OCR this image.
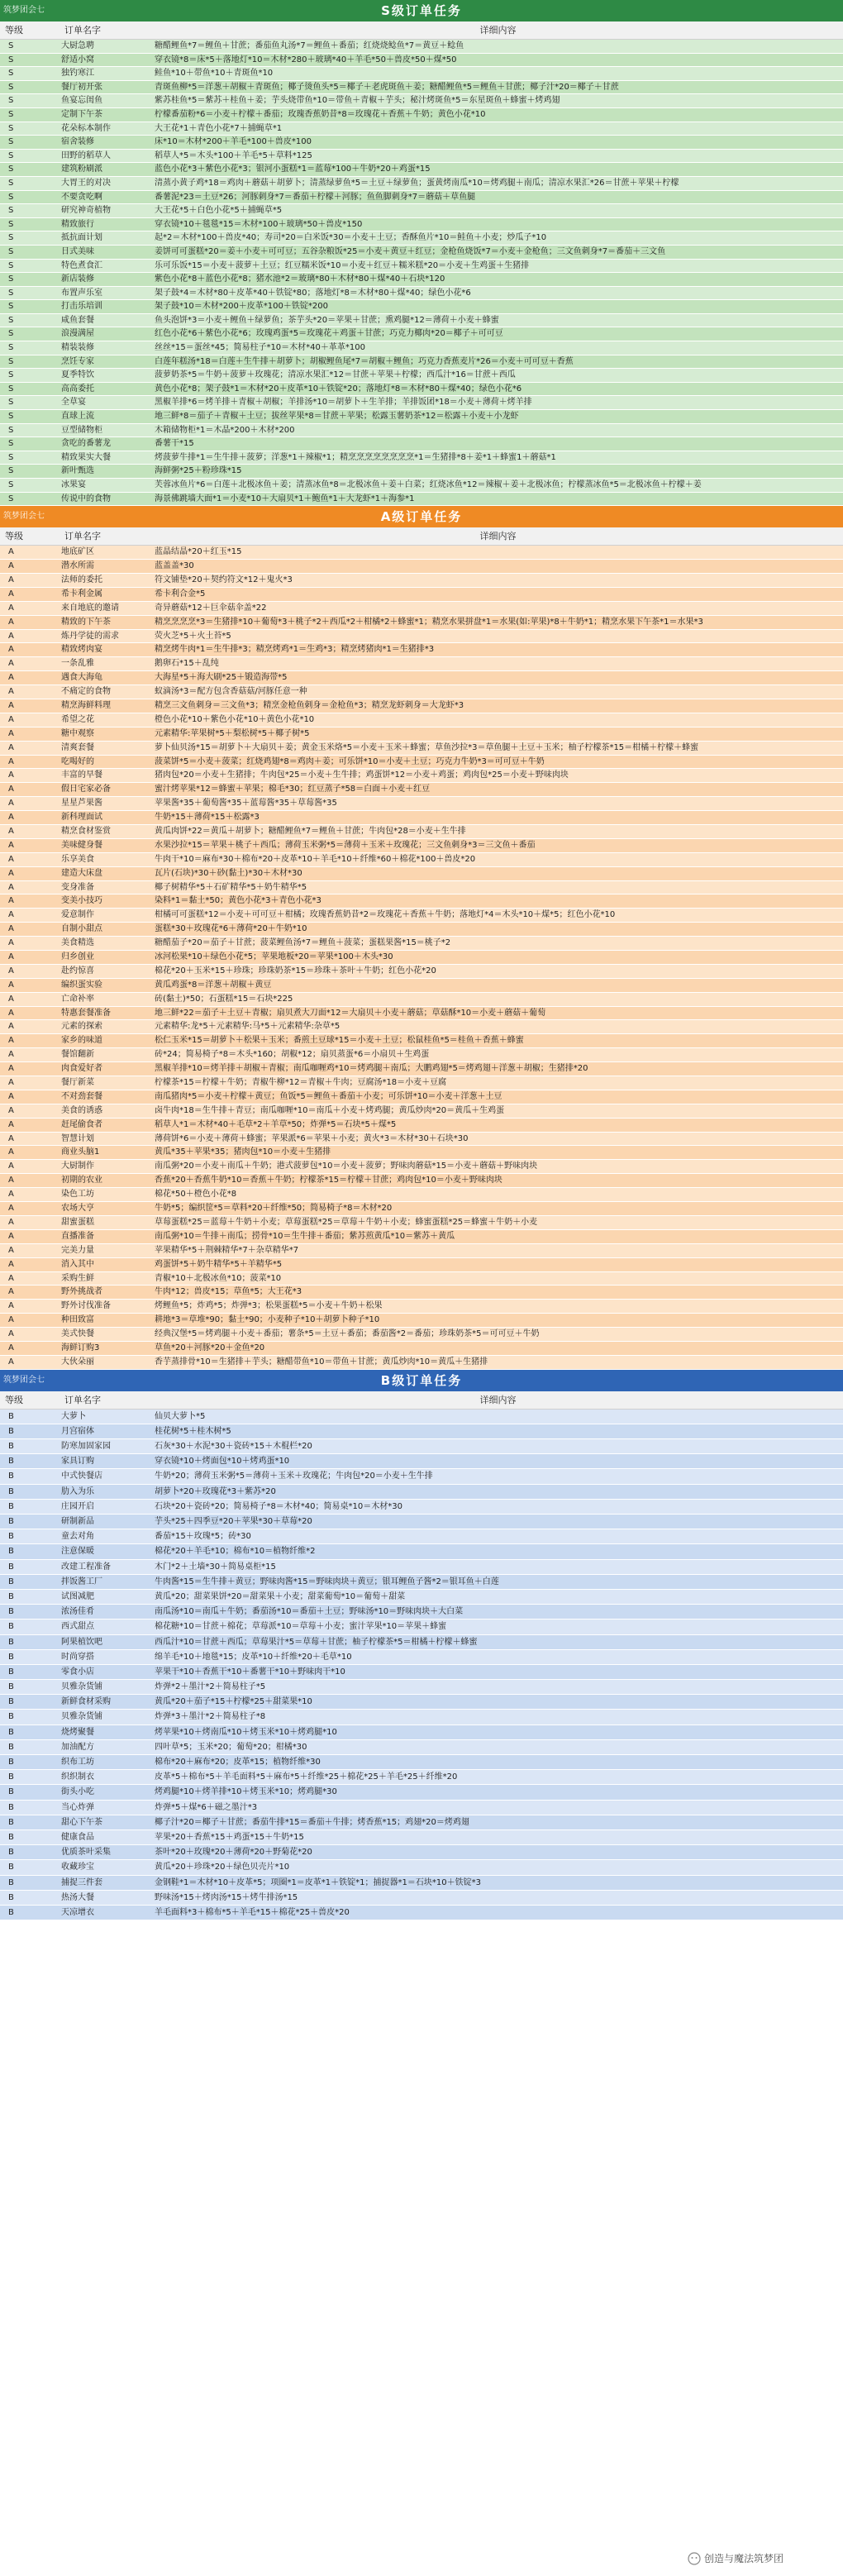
筑梦团会七	S级订单任务
等级	订单名字	详细内容
S	大厨急聘	糖醋鲤鱼*7＝鲤鱼＋甘蔗；番茄鱼丸汤*7＝鲤鱼＋番茄；红烧烧鲶鱼*7＝黄豆＋鲶鱼
S	舒适小窝	穿衣镜*8＝床*5＋落地灯*10＝木材*280＋玻璃*40＋羊毛*50＋兽皮*50＋煤*50
S	独钓寒江	鲑鱼*10＋带鱼*10＋青斑鱼*10
S	餐厅初开张	青斑鱼柳*5＝洋葱＋胡椒＋青斑鱼；椰子烫鱼头*5＝椰子＋老虎斑鱼＋姜；糖醋鲤鱼*5＝鲤鱼＋甘蔗；椰子汁*20＝椰子＋甘蔗
S	鱼宴忘闺鱼	紫苏桂鱼*5＝紫苏＋桂鱼＋姜；芋头烧带鱼*10＝带鱼＋青椒＋芋头；秘汁烤斑鱼*5＝东星斑鱼＋蜂蜜＋烤鸡翅
S	定制下午茶	柠檬番茄粉*6＝小麦＋柠檬＋番茄；玫瑰香蕉奶昔*8＝玫瑰花＋香蕉＋牛奶；黄色小花*10
S	花朵标本制作	大王花*1＋青色小花*7＋捕蝇草*1
S	宿舍装修	床*10＝木材*200＋羊毛*100＋兽皮*100
S	田野的稻草人	稻草人*5＝木头*100＋羊毛*5＋草料*125
S	建筑粉刷派	蓝色小花*3＋紫色小花*3；银河小蛋糕*1＝蓝莓*100＋牛奶*20＋鸡蛋*15
S	大胃王的对决	清蒸小黄子鸡*18＝鸡肉＋蘑菇＋胡萝卜；清蒸绿萝鱼*5＝土豆＋绿萝鱼；蛋黄烤南瓜*10＝烤鸡腿＋南瓜；清凉水果汇*26＝甘蔗＋苹果＋柠檬
S	不要贪吃啊	番薯泥*23＝土豆*26；河豚刺身*7＝番茄＋柠檬＋河豚；鱼鱼脚刺身*7＝蘑菇＋草鱼腿
S	研究神奇植物	大王花*5＋白色小花*5＋捕蝇草*5
S	精致旅行	穿衣镜*10＋毯毯*15＝木材*100＋玻璃*50＋兽皮*150
S	抵抗面计划	起*2＝木材*100＋兽皮*40；寿司*20＝白米饭*30＝小麦＋土豆；香酥鱼片*10＝鲑鱼＋小麦；炒瓜子*10
S	日式美味	姜饼可可蛋糕*20＝姜＋小麦＋可可豆；五谷杂粮饭*25＝小麦＋黄豆＋红豆；金枪鱼烧饭*7＝小麦＋金枪鱼；三文鱼刺身*7＝番茄＋三文鱼
S	特色煮食汇	乐可乐饭*15＝小麦＋菠萝＋土豆；红豆糯米饭*10＝小麦＋红豆＋糯米糕*20＝小麦＋生鸡蛋＋生猪排
S	新店装修	紫色小花*8＋蓝色小花*8；猪水池*2＝玻璃*80＋木材*80＋煤*40＋石块*120
S	布置声乐室	架子鼓*4＝木材*80＋皮革*40＋铁锭*80；落地灯*8＝木材*80＋煤*40；绿色小花*6
S	打击乐培训	架子鼓*10＝木材*200＋皮革*100＋铁锭*200
S	咸鱼套餐	鱼头泡饼*3＝小麦＋鲤鱼＋绿萝鱼；茶芋头*20＝苹果＋甘蔗；熏鸡腿*12＝薄荷＋小麦＋蜂蜜
S	浪漫满屋	红色小花*6＋紫色小花*6；玫瑰鸡蛋*5＝玫瑰花＋鸡蛋＋甘蔗；巧克力椰肉*20＝椰子＋可可豆
S	精装装修	丝丝*15＝蛋丝*45；简易柱子*10＝木材*40＋革革*100
S	烹饪专家	白莲年糕汤*18＝白莲＋生牛排＋胡萝卜；胡椒鲤鱼尾*7＝胡椒＋鲤鱼；巧克力香蕉麦片*26＝小麦＋可可豆＋香蕉
S	夏季特饮	菠萝奶茶*5＝牛奶＋菠萝＋玫瑰花；清凉水果汇*12＝甘蔗＋苹果＋柠檬；西瓜汁*16＝甘蔗＋西瓜
S	高高委托	黄色小花*8；架子鼓*1＝木材*20＋皮革*10＋铁锭*20；落地灯*8＝木材*80＋煤*40；绿色小花*6
S	全草宴	黑椒羊排*6＝烤羊排＋青椒＋胡椒；羊排汤*10＝胡萝卜＋生羊排；羊排饭团*18＝小麦＋薄荷＋烤羊排
S	直球上流	地三鲜*8＝茄子＋青椒＋土豆；拔丝苹果*8＝甘蔗＋苹果；松露玉薯奶茶*12＝松露＋小麦＋小龙虾
S	豆型储物柜	木箱储物柜*1＝木晶*200＋木材*200
S	贪吃的番薯龙	番薯干*15
S	精致果实大餐	烤菠萝牛排*1＝生牛排＋菠萝；洋葱*1＋辣椒*1；精烹烹烹烹烹烹烹烹*1＝生猪排*8＋姜*1＋蜂蜜1＋蘑菇*1
S	新叶甄选	海鲜粥*25＋粉珍珠*15
S	冰果宴	芙蓉冰鱼片*6＝白莲＋北极冰鱼＋姜；清蒸冰鱼*8＝北极冰鱼＋姜＋白菜；红烧冰鱼*12＝辣椒＋姜＋北极冰鱼；柠檬蒸冰鱼*5＝北极冰鱼＋柠檬＋姜
S	传说中的食物	海景佛跳墙大面*1＝小麦*10＋大扇贝*1＋鲍鱼*1＋大龙虾*1＋海参*1
筑梦团会七	A级订单任务
等级	订单名字	详细内容
A	地底矿区	蓝晶结晶*20＋红玉*15
A	潜水所需	蓝盖盖*30
A	法师的委托	符文铺垫*20＋契约符文*12＋鬼火*3
A	希卡利金属	希卡利合金*5
A	来自地底的邀请	奇异蘑菇*12＋巨伞菇伞盖*22
A	精致的下午茶	精烹烹烹烹*3＝生猪排*10＋葡萄*3＋桃子*2＋西瓜*2＋柑橘*2＋蜂蜜*1；精烹水果拼盘*1＝水果(如:苹果)*8＋牛奶*1；精烹水果下午茶*1＝水果*3
A	炼丹学徒的需求	荧火芝*5＋火土苔*5
A	精致烤肉宴	精烹烤牛肉*1＝生牛排*3；精烹烤鸡*1＝生鸡*3；精烹烤猪肉*1＝生猪排*3
A	一条乱雅	鹅卵石*15＋乱纯
A	遇食大海龟	大海星*5＋海大刷*25＋锻造海带*5
A	不痛定的食物	蚁滴汤*3＝配方包含香菇菇/河豚任意一种
A	精烹海鲜料理	精烹三文鱼刺身＝三文鱼*3；精烹金枪鱼刺身＝金枪鱼*3；精烹龙虾刺身＝大龙虾*3
A	希望之花	橙色小花*10＋紫色小花*10＋黄色小花*10
A	糖中观察	元素精华:苹果树*5＋梨松树*5＋椰子树*5
A	清爽套餐	萝卜仙贝汤*15＝胡萝卜＋大扇贝＋姜；黄金玉米烙*5＝小麦＋玉米＋蜂蜜；草鱼沙拉*3＝草鱼腿＋土豆＋玉米；柚子柠檬茶*15＝柑橘＋柠檬＋蜂蜜
A	吃喝好的	菠菜饼*5＝小麦＋菠菜；红烧鸡翅*8＝鸡肉＋姜；可乐饼*10＝小麦＋土豆；巧克力牛奶*3＝可可豆＋牛奶
A	丰富的早餐	猪肉包*20＝小麦＋生猪排；牛肉包*25＝小麦＋生牛排；鸡蛋饼*12＝小麦＋鸡蛋；鸡肉包*25＝小麦＋野味肉块
A	假日宅家必备	蜜汁烤苹果*12＝蜂蜜＋苹果；棉毛*30；红豆蒸子*58＝白面＋小麦＋红豆
A	星星芦果酱	苹果酱*35＋葡萄酱*35＋蓝莓酱*35＋草莓酱*35
A	新科理面试	牛奶*15＋薄荷*15＋松露*3
A	精烹食材鉴赏	黄瓜肉饼*22＝黄瓜＋胡萝卜；糖醋鲤鱼*7＝鲤鱼＋甘蔗；牛肉包*28＝小麦＋生牛排
A	美味健身餐	水果沙拉*15＝苹果＋桃子＋西瓜；薄荷玉米粥*5＝薄荷＋玉米＋玫瑰花；三文鱼刺身*3＝三文鱼＋番茄
A	乐享美食	牛肉干*10＝麻布*30＋棉布*20＋皮革*10＋羊毛*10＋纤维*60＋棉花*100＋兽皮*20
A	建造大床盘	瓦片(石块)*30＋砂(黏土)*30＋木材*30
A	变身准备	椰子树精华*5＋石矿精华*5＋奶牛精华*5
A	变美小技巧	染料*1＝黏土*50；黄色小花*3＋青色小花*3
A	爱意制作	柑橘可可蛋糕*12＝小麦＋可可豆＋柑橘；玫瑰香蕉奶昔*2＝玫瑰花＋香蕉＋牛奶；落地灯*4＝木头*10＋煤*5；红色小花*10
A	自制小甜点	蛋糕*30＋玫瑰花*6＋薄荷*20＋牛奶*10
A	美食精选	糖醋茄子*20＝茄子＋甘蔗；菠菜鲤鱼汤*7＝鲤鱼＋菠菜；蛋糕果酱*15＝桃子*2
A	归乡创业	冰河松果*10＋绿色小花*5；苹果地板*20＝苹果*100＋木头*30
A	赴约惊喜	棉花*20＋玉米*15＋珍珠；珍珠奶茶*15＝珍珠＋茶叶＋牛奶；红色小花*20
A	编织蛋实验	黄瓜鸡蛋*8＝洋葱＋胡椒＋黄豆
A	亡命补率	砖(黏土)*50；石蛋糕*15＝石块*225
A	特惠套餐准备	地三鲜*22＝茄子＋土豆＋青椒；扇贝煮大刀面*12＝大扇贝＋小麦＋蘑菇；草菇酥*10＝小麦＋蘑菇＋葡萄
A	元素的探索	元素精华:龙*5＋元素精华:马*5＋元素精华:杂草*5
A	家乡的味道	松仁玉米*15＝胡萝卜＋松果＋玉米；番煎土豆球*15＝小麦＋土豆；松鼠桂鱼*5＝桂鱼＋香蕉＋蜂蜜
A	餐馆翻新	砖*24；简易椅子*8＝木头*160；胡椒*12；扇贝蒸蛋*6＝小扇贝＋生鸡蛋
A	肉食爱好者	黑椒羊排*10＝烤羊排＋胡椒＋青椒；南瓜咖喱鸡*10＝烤鸡腿＋南瓜；大鹏鸡翅*5＝烤鸡翅＋洋葱＋胡椒；生猪排*20
A	餐厅新菜	柠檬茶*15＝柠檬＋牛奶；青椒牛柳*12＝青椒＋牛肉；豆腐汤*18＝小麦＋豆腐
A	不对劲套餐	南瓜猪肉*5＝小麦＋柠檬＋黄豆；鱼饭*5＝鲤鱼＋番茄＋小麦；可乐饼*10＝小麦＋洋葱＋土豆
A	美食的诱惑	卤牛肉*18＝生牛排＋青豆；南瓜咖喱*10＝南瓜＋小麦＋烤鸡腿；黄瓜炒肉*20＝黄瓜＋生鸡蛋
A	赶尾偷食者	稻草人*1＝木材*40＋毛草*2＋羊草*50；炸弹*5＝石块*5＋煤*5
A	智慧计划	薄荷饼*6＝小麦＋薄荷＋蜂蜜；苹果派*6＝苹果＋小麦；黄火*3＝木材*30＋石块*30
A	商业头脑1	黄瓜*35＋苹果*35；猪肉包*10＝小麦＋生猪排
A	大厨制作	南瓜粥*20＝小麦＋南瓜＋牛奶；港式菠萝包*10＝小麦＋菠萝；野味肉蘑菇*15＝小麦＋蘑菇＋野味肉块
A	初期的农业	香蕉*20＋香蕉牛奶*10＝香蕉＋牛奶；柠檬茶*15＝柠檬＋甘蔗；鸡肉包*10＝小麦＋野味肉块
A	染色工坊	棉花*50＋橙色小花*8
A	农场大亨	牛奶*5；编织筐*5＝草料*20＋纤维*50；简易椅子*8＝木材*20
A	甜蜜蛋糕	草莓蛋糕*25＝蓝莓＋牛奶＋小麦；草莓蛋糕*25＝草莓＋牛奶＋小麦；蜂蜜蛋糕*25＝蜂蜜＋牛奶＋小麦
A	直播准备	南瓜粥*10＝牛排＋南瓜；捞骨*10＝生牛排＋番茄；紫苏煎黄瓜*10＝紫苏＋黄瓜
A	完美力量	苹果精华*5＋荆棘精华*7＋杂草精华*7
A	消入其中	鸡蛋饼*5＋奶牛精华*5＋羊精华*5
A	采购生鲜	青椒*10＋北极冰鱼*10；菠菜*10
A	野外挑战者	牛肉*12；兽皮*15；草鱼*5；大王花*3
A	野外讨伐准备	烤鲤鱼*5；炸鸡*5；炸弹*3；松果蛋糕*5＝小麦＋牛奶＋松果
A	种田致富	耕地*3＝草堆*90；黏土*90；小麦种子*10＋胡萝卜种子*10
A	美式快餐	经典汉堡*5＝烤鸡腿＋小麦＋番茄；薯条*5＝土豆＋番茄；番茄酱*2＝番茄；珍珠奶茶*5＝可可豆＋牛奶
A	海鲜订购3	草鱼*20＋河豚*20＋金鱼*20
A	大伙朵丽	香芋蒸排骨*10＝生猪排＋芋头；糖醋带鱼*10＝带鱼＋甘蔗；黄瓜炒肉*10＝黄瓜＋生猪排
筑梦团会七	B级订单任务
等级	订单名字	详细内容
B	大萝卜	仙贝大萝卜*5
B	月宫宿体	桂花树*5＋桂木树*5
B	防寒加固家园	石灰*30＋水泥*30＋瓷砖*15＋木棍栏*20
B	家具订购	穿衣镜*10＋烤面包*10＋烤鸡蛋*10
B	中式快餐店	牛奶*20；薄荷玉米粥*5＝薄荷＋玉米＋玫瑰花；牛肉包*20＝小麦＋生牛排
B	肋入为乐	胡萝卜*20＋玫瑰花*3＋紫苏*20
B	庄园开启	石块*20＋瓷砖*20；简易椅子*8＝木材*40；简易桌*10＝木材*30
B	研制新品	芋头*25＋四季豆*20＋苹果*30＋草莓*20
B	童去对角	番茄*15＋玫瑰*5；砖*30
B	注意保暖	棉花*20＋羊毛*10；棉布*10＝植物纤维*2
B	改建工程准备	木门*2＋土墙*30＋简易桌柜*15
B	拌饭酱工厂	牛肉酱*15＝生牛排＋黄豆；野味肉酱*15＝野味肉块＋黄豆；银耳鲤鱼子酱*2＝银耳鱼＋白莲
B	试图减肥	黄瓜*20；甜菜果饼*20＝甜菜果＋小麦；甜菜葡萄*10＝葡萄＋甜菜
B	浓汤佳肴	南瓜汤*10＝南瓜＋牛奶；番茄汤*10＝番茄＋土豆；野味汤*10＝野味肉块＋大白菜
B	西式甜点	棉花糖*10＝甘蔗＋棉花；草莓派*10＝草莓＋小麦；蜜汁苹果*10＝苹果＋蜂蜜
B	阿果植饮吧	西瓜汁*10＝甘蔗＋西瓜；草莓果汁*5＝草莓＋甘蔗；柚子柠檬茶*5＝柑橘＋柠檬＋蜂蜜
B	时尚穿搭	绵羊毛*10＋地毯*15；皮革*10＋纤维*20＋毛草*10
B	零食小店	苹果干*10＋香蕉干*10＋番薯干*10＋野味肉干*10
B	贝雅杂货铺	炸弹*2＋墨汁*2＋简易柱子*5
B	新鲜食材采购	黄瓜*20＋茄子*15＋柠檬*25＋甜菜果*10
B	贝雅杂货铺	炸弹*3＋墨汁*2＋简易柱子*8
B	烧烤聚餐	烤苹果*10＋烤南瓜*10＋烤玉米*10＋烤鸡腿*10
B	加油配方	四叶草*5；玉米*20；葡萄*20；柑橘*30
B	织布工坊	棉布*20＋麻布*20；皮革*15；植物纤维*30
B	织织制衣	皮革*5＋棉布*5＋羊毛面料*5＋麻布*5＋纤维*25＋棉花*25＋羊毛*25＋纤维*20
B	街头小吃	烤鸡腿*10＋烤羊排*10＋烤玉米*10；烤鸡腿*30
B	当心炸弹	炸弹*5＋煤*6＋磁之墨汁*3
B	甜心下午茶	椰子汁*20＝椰子＋甘蔗；番茄牛排*15＝番茄＋牛排；烤香蕉*15；鸡翅*20＝烤鸡翅
B	健康食品	苹果*20＋香蕉*15＋鸡蛋*15＋牛奶*15
B	优质茶叶采集	茶叶*20＋玫瑰*20＋薄荷*20＋野菊花*20
B	收藏珍宝	黄瓜*20＋珍珠*20＋绿色贝壳片*10
B	捕捉三件套	金钢鞋*1＝木材*10＋皮革*5；项圈*1＝皮革*1＋铁锭*1；捕捉器*1＝石块*10＋铁锭*3
B	热汤大餐	野味汤*15＋烤肉汤*15＋烤牛排汤*15
B	天凉增衣	羊毛面料*3＋棉布*5＋羊毛*15＋棉花*25＋兽皮*20
创造与魔法筑梦团
